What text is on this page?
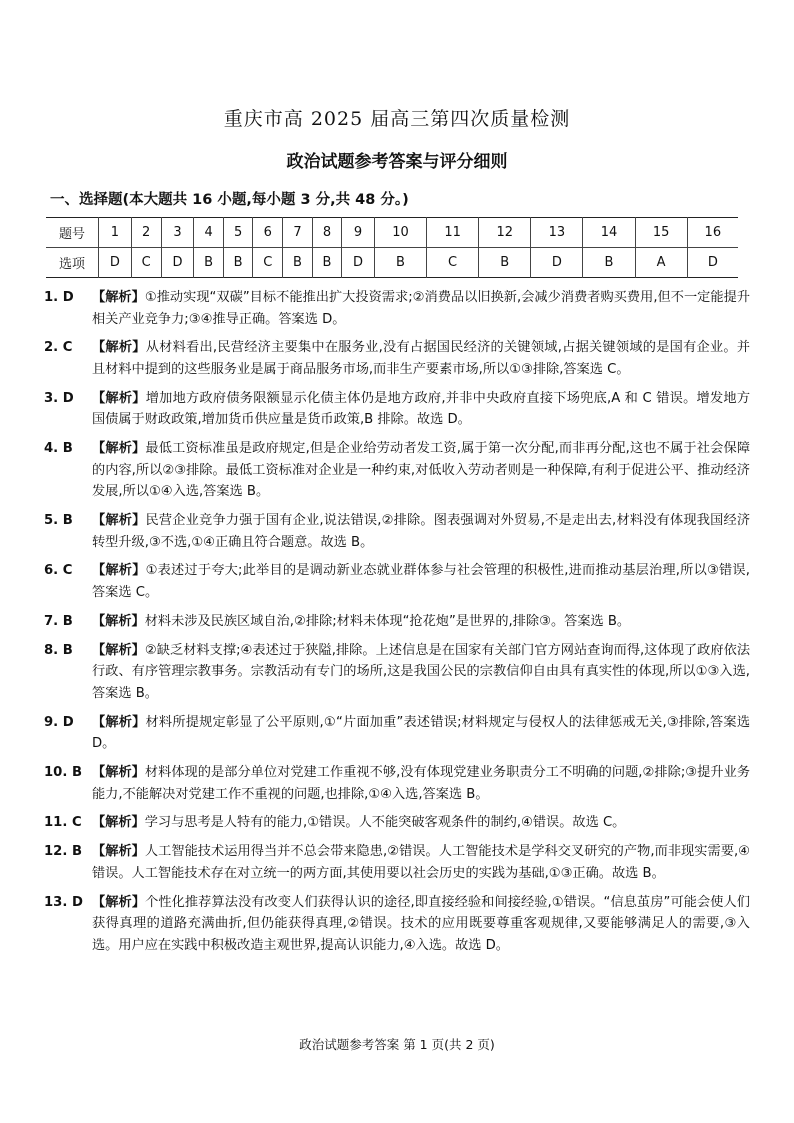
重庆市高 2025 届高三第四次质量检测
政治试题参考答案与评分细则
一、选择题(本大题共 16 小题,每小题 3 分,共 48 分。)
题号	1	2	3	4	5	6	7	8	9	10	11	12	13	14	15	16
选项	D	C	D	B	B	C	B	B	D	B	C	B	D	B	A	D
1. D	【解析】①推动实现“双碳”目标不能推出扩大投资需求;②消费品以旧换新,会减少消费者购买费用,但不一定能提升相关产业竞争力;③④推导正确。答案选 D。
2. C	【解析】从材料看出,民营经济主要集中在服务业,没有占据国民经济的关键领域,占据关键领域的是国有企业。并且材料中提到的这些服务业是属于商品服务市场,而非生产要素市场,所以①③排除,答案选 C。
3. D	【解析】增加地方政府债务限额显示化债主体仍是地方政府,并非中央政府直接下场兜底,A 和 C 错误。增发地方国债属于财政政策,增加货币供应量是货币政策,B 排除。故选 D。
4. B	【解析】最低工资标准虽是政府规定,但是企业给劳动者发工资,属于第一次分配,而非再分配,这也不属于社会保障的内容,所以②③排除。最低工资标准对企业是一种约束,对低收入劳动者则是一种保障,有利于促进公平、推动经济发展,所以①④入选,答案选 B。
5. B	【解析】民营企业竞争力强于国有企业,说法错误,②排除。图表强调对外贸易,不是走出去,材料没有体现我国经济转型升级,③不选,①④正确且符合题意。故选 B。
6. C	【解析】①表述过于夸大;此举目的是调动新业态就业群体参与社会管理的积极性,进而推动基层治理,所以③错误,答案选 C。
7. B	【解析】材料未涉及民族区域自治,②排除;材料未体现“抢花炮”是世界的,排除③。答案选 B。
8. B	【解析】②缺乏材料支撑;④表述过于狭隘,排除。上述信息是在国家有关部门官方网站查询而得,这体现了政府依法行政、有序管理宗教事务。宗教活动有专门的场所,这是我国公民的宗教信仰自由具有真实性的体现,所以①③入选,答案选 B。
9. D	【解析】材料所提规定彰显了公平原则,①“片面加重”表述错误;材料规定与侵权人的法律惩戒无关,③排除,答案选 D。
10. B 【解析】材料体现的是部分单位对党建工作重视不够,没有体现党建业务职责分工不明确的问题,②排除;③提升业务能力,不能解决对党建工作不重视的问题,也排除,①④入选,答案选 B。
11. C 【解析】学习与思考是人特有的能力,①错误。人不能突破客观条件的制约,④错误。故选 C。
12. B 【解析】人工智能技术运用得当并不总会带来隐患,②错误。人工智能技术是学科交叉研究的产物,而非现实需要,④错误。人工智能技术存在对立统一的两方面,其使用要以社会历史的实践为基础,①③正确。故选 B。
13. D 【解析】个性化推荐算法没有改变人们获得认识的途径,即直接经验和间接经验,①错误。“信息茧房”可能会使人们获得真理的道路充满曲折,但仍能获得真理,②错误。技术的应用既要尊重客观规律,又要能够满足人的需要,③入选。用户应在实践中积极改造主观世界,提高认识能力,④入选。故选 D。
政治试题参考答案 第 1 页(共 2 页)
